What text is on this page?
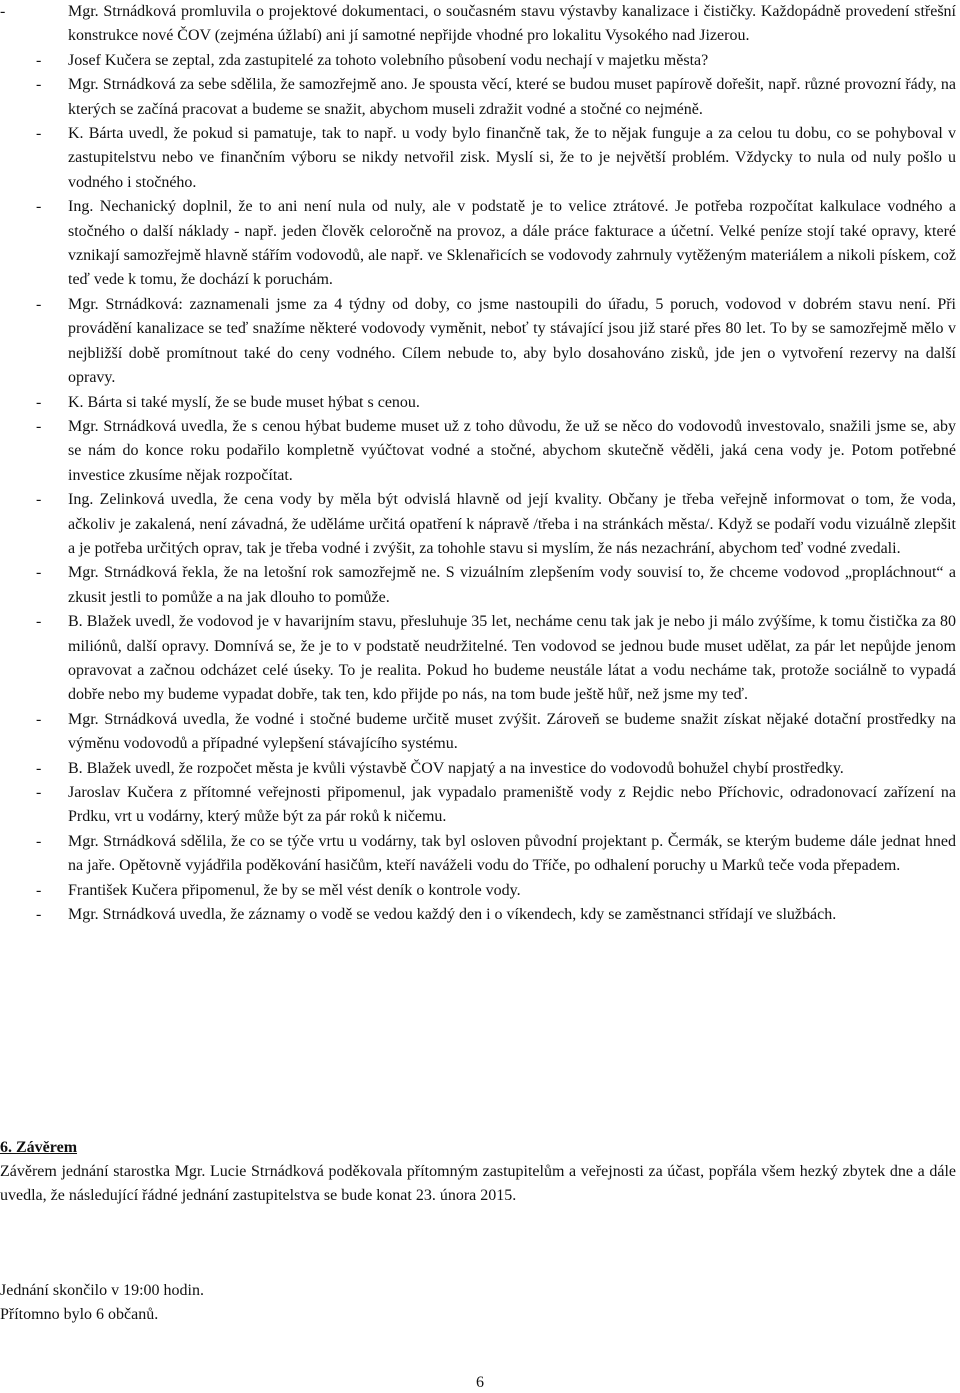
-	Mgr. Strnádková promluvila o projektové dokumentaci, o současném stavu výstavby kanalizace i čističky. Každopádně provedení střešní konstrukce nové ČOV (zejména úžlabí) ani jí samotné nepřijde vhodné pro lokalitu Vysokého nad Jizerou.
- Josef Kučera se zeptal, zda zastupitelé za tohoto volebního působení vodu nechají v majetku města?
- Mgr. Strnádková za sebe sdělila, že samozřejmě ano. Je spousta věcí, které se budou muset papírově dořešit, např. různé provozní řády, na kterých se začíná pracovat a budeme se snažit, abychom museli zdražit vodné a stočné co nejméně.
- K. Bárta uvedl, že pokud si pamatuje, tak to např. u vody bylo finančně tak, že to nějak funguje a za celou tu dobu, co se pohyboval v zastupitelstvu nebo ve finančním výboru se nikdy netvořil zisk. Myslí si, že to je největší problém. Vždycky to nula od nuly pošlo u vodného i stočného.
- Ing. Nechanický doplnil, že to ani není nula od nuly, ale v podstatě je to velice ztrátové. Je potřeba rozpočítat kalkulace vodného a stočného o další náklady - např. jeden člověk celoročně na provoz, a dále práce fakturace a účetní. Velké peníze stojí také opravy, které vznikají samozřejmě hlavně stářím vodovodů, ale např. ve Sklenařicích se vodovody zahrnuly vytěženým materiálem a nikoli pískem, což teď vede k tomu, že dochází k poruchám.
- Mgr. Strnádková: zaznamenali jsme za 4 týdny od doby, co jsme nastoupili do úřadu, 5 poruch, vodovod v dobrém stavu není. Při provádění kanalizace se teď snažíme některé vodovody vyměnit, neboť ty stávající jsou již staré přes 80 let. To by se samozřejmě mělo v nejbližší době promítnout také do ceny vodného. Cílem nebude to, aby bylo dosahováno zisků, jde jen o vytvoření rezervy na další opravy.
- K. Bárta si také myslí, že se bude muset hýbat s cenou.
- Mgr. Strnádková uvedla, že s cenou hýbat budeme muset už z toho důvodu, že už se něco do vodovodů investovalo, snažili jsme se, aby se nám do konce roku podařilo kompletně vyúčtovat vodné a stočné, abychom skutečně věděli, jaká cena vody je. Potom potřebné investice zkusíme nějak rozpočítat.
- Ing. Zelinková uvedla, že cena vody by měla být odvislá hlavně od její kvality. Občany je třeba veřejně informovat o tom, že voda, ačkoliv je zakalená, není závadná, že uděláme určitá opatření k nápravě /třeba i na stránkách města/. Když se podaří vodu vizuálně zlepšit a je potřeba určitých oprav, tak je třeba vodné i zvýšit, za tohohle stavu si myslím, že nás nezachrání, abychom teď vodné zvedali.
- Mgr. Strnádková řekla, že na letošní rok samozřejmě ne. S vizuálním zlepšením vody souvisí to, že chceme vodovod „propláchnout“ a zkusit jestli to pomůže a na jak dlouho to pomůže.
- B. Blažek uvedl, že vodovod je v havarijním stavu, přesluhuje 35 let, necháme cenu tak jak je nebo ji málo zvýšíme, k tomu čistička za 80 miliónů, další opravy. Domnívá se, že je to v podstatě neudržitelné. Ten vodovod se jednou bude muset udělat, za pár let nepůjde jenom opravovat a začnou odcházet celé úseky. To je realita. Pokud ho budeme neustále látat a vodu necháme tak, protože sociálně to vypadá dobře nebo my budeme vypadat dobře, tak ten, kdo přijde po nás, na tom bude ještě hůř, než jsme my teď.
- Mgr. Strnádková uvedla, že vodné i stočné budeme určitě muset zvýšit. Zároveň se budeme snažit získat nějaké dotační prostředky na výměnu vodovodů a případné vylepšení stávajícího systému.
- B. Blažek uvedl, že rozpočet města je kvůli výstavbě ČOV napjatý a na investice do vodovodů bohužel chybí prostředky.
- Jaroslav Kučera z přítomné veřejnosti připomenul, jak vypadalo prameniště vody z Rejdic nebo Příchovic, odradonovací zařízení na Prdku, vrt u vodárny, který může být za pár roků k ničemu.
- Mgr. Strnádková sdělila, že co se týče vrtu u vodárny, tak byl osloven původní projektant p. Čermák, se kterým budeme dále jednat hned na jaře. Opětovně vyjádřila poděkování hasičům, kteří naváželi vodu do Tříče, po odhalení poruchy u Marků teče voda přepadem.
- František Kučera připomenul, že by se měl vést deník o kontrole vody.
- Mgr. Strnádková uvedla, že záznamy o vodě se vedou každý den i o víkendech, kdy se zaměstnanci střídají ve službách.

6. Závěrem

Závěrem jednání starostka Mgr. Lucie Strnádková poděkovala přítomným zastupitelům a veřejnosti za účast, popřála všem hezký zbytek dne a dále uvedla, že následující řádné jednání zastupitelstva se bude konat 23. února 2015.

Jednání skončilo v 19:00 hodin.

Přítomno bylo 6 občanů.

6
